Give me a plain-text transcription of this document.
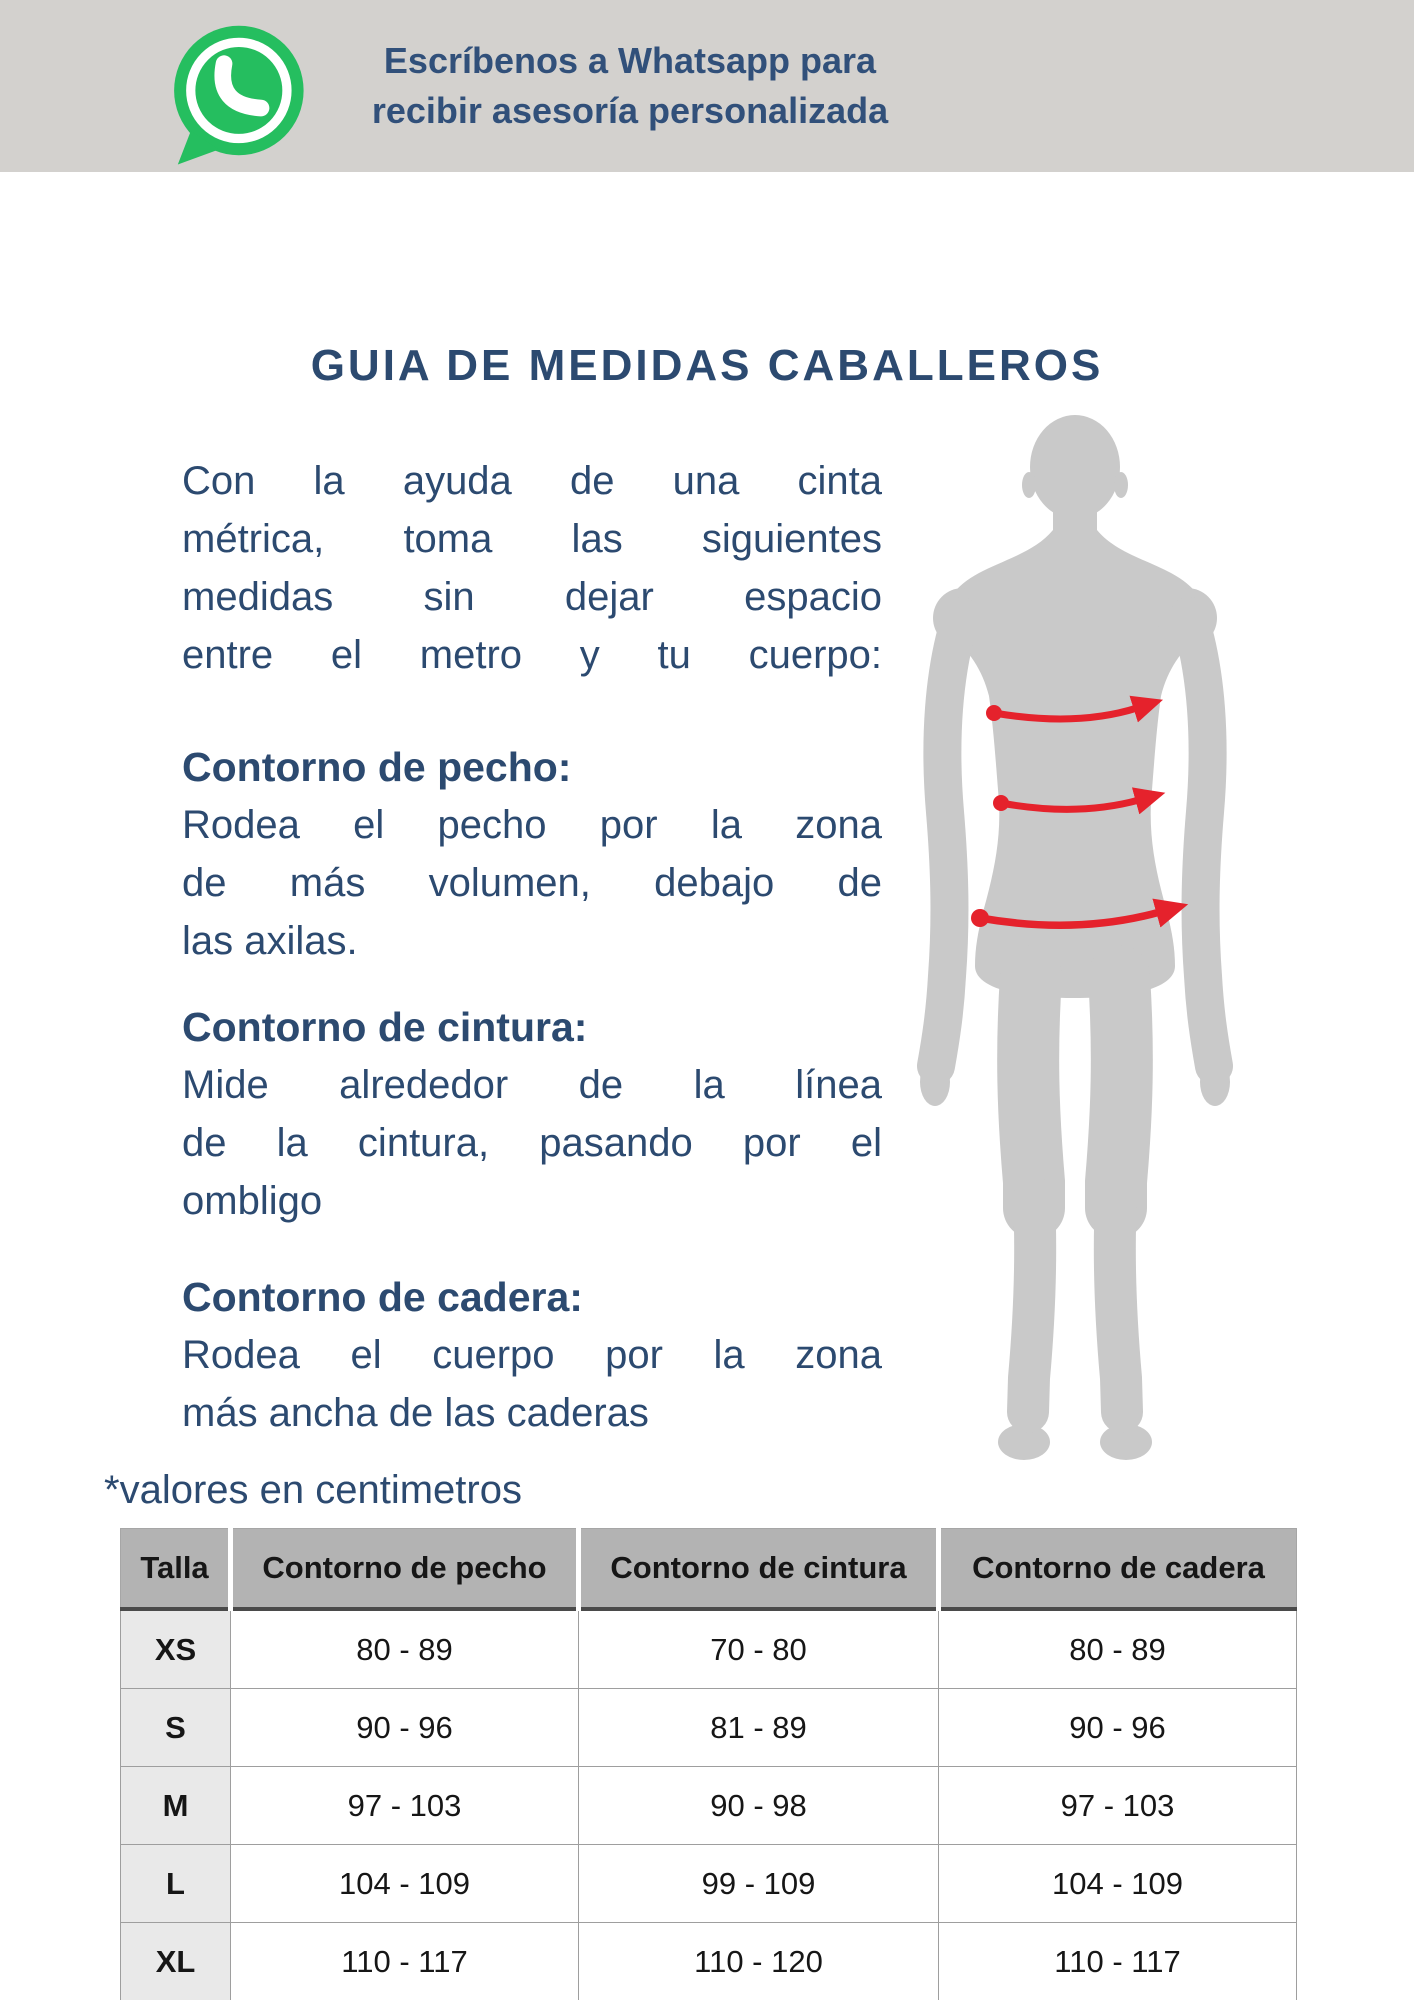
Escríbenos a Whatsapp para
recibir asesoría personalizada
GUIA DE MEDIDAS CABALLEROS
Con la ayuda de una cinta
métrica, toma las siguientes
medidas sin dejar espacio
entre el metro y tu cuerpo:
Contorno de pecho:
Rodea el pecho por la zona
de más volumen, debajo de
las axilas.
Contorno de cintura:
Mide alrededor de la línea
de la cintura, pasando por el
ombligo
Contorno de cadera:
Rodea el cuerpo por la zona
más ancha de las caderas
*valores en centimetros
Talla	Contorno de pecho	Contorno de cintura	Contorno de cadera
XS	80 - 89	70 - 80	80 - 89
S	90 - 96	81 - 89	90 - 96
M	97 - 103	90 - 98	97 - 103
L	104 - 109	99 - 109	104 - 109
XL	110 - 117	110 - 120	110 - 117
